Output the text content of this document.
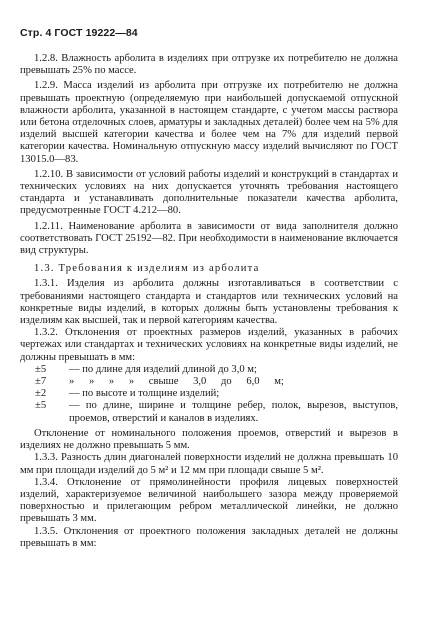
Стр. 4 ГОСТ 19222—84

1.2.8. Влажность арболита в изделиях при отгрузке их потребителю не должна превышать 25% по массе.

1.2.9. Масса изделий из арболита при отгрузке их потребителю не должна превышать проектную (определяемую при наибольшей допускаемой отпускной влажности арболита, указанной в настоящем стандарте, с учетом массы раствора или бетона отделочных слоев, арматуры и закладных деталей) более чем на 5% для изделий высшей категории качества и более чем на 7% для изделий первой категории качества. Номинальную отпускную массу изделий вычисляют по ГОСТ 13015.0—83.

1.2.10. В зависимости от условий работы изделий и конструкций в стандартах и технических условиях на них допускается уточнять требования настоящего стандарта и устанавливать дополнительные показатели качества арболита, предусмотренные ГОСТ 4.212—80.

1.2.11. Наименование арболита в зависимости от вида заполнителя должно соответствовать ГОСТ 25192—82. При необходимости в наименование включается вид структуры.

1.3. Требования к изделиям из арболита

1.3.1. Изделия из арболита должны изготавливаться в соответствии с требованиями настоящего стандарта и стандартов или технических условий на конкретные виды изделий, в которых должны быть установлены требования к изделиям как высшей, так и первой категориям качества.

1.3.2. Отклонения от проектных размеров изделий, указанных в рабочих чертежах или стандартах и технических условиях на конкретные виды изделий, не должны превышать в мм:

±5	— по длине для изделий длиной до 3,0 м;
±7	» » » » свыше 3,0 до 6,0 м;
±2	— по высоте и толщине изделий;
±5	— по длине, ширине и толщине ребер, полок, вырезов, выступов, проемов, отверстий и каналов в изделиях.

Отклонение от номинального положения проемов, отверстий и вырезов в изделиях не должно превышать 5 мм.

1.3.3. Разность длин диагоналей поверхности изделий не должна превышать 10 мм при площади изделий до 5 м² и 12 мм при площади свыше 5 м².

1.3.4. Отклонение от прямолинейности профиля лицевых поверхностей изделий, характеризуемое величиной наибольшего зазора между проверяемой поверхностью и прилегающим ребром металлической линейки, не должно превышать 3 мм.

1.3.5. Отклонения от проектного положения закладных деталей не должны превышать в мм:
